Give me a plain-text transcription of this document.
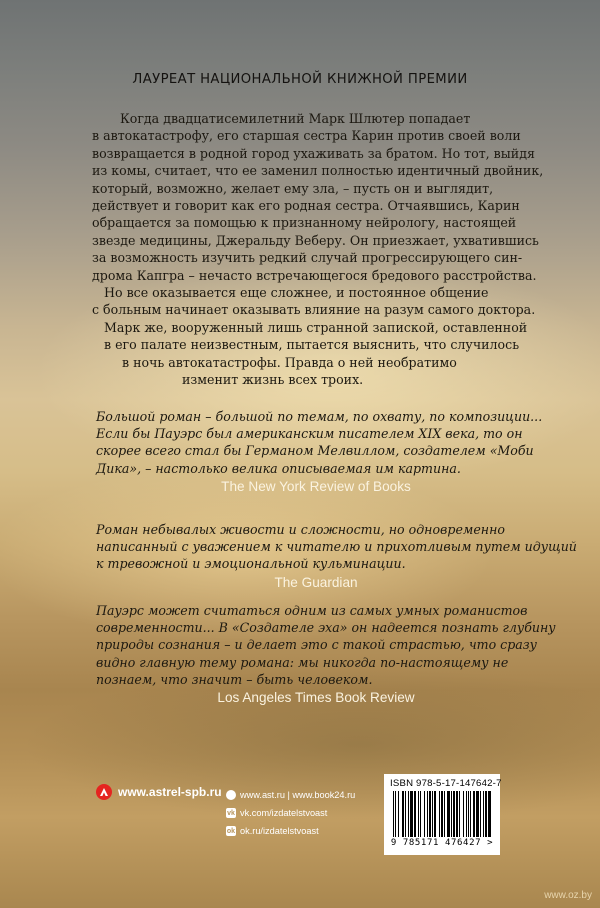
ЛАУРЕАТ НАЦИОНАЛЬНОЙ КНИЖНОЙ ПРЕМИИ
Когда двадцатисемилетний Марк Шлютер попадает
в автокатастрофу, его старшая сестра Карин против своей воли
возвращается в родной город ухаживать за братом. Но тот, выйдя
из комы, считает, что ее заменил полностью идентичный двойник,
который, возможно, желает ему зла, – пусть он и выглядит,
действует и говорит как его родная сестра. Отчаявшись, Карин
обращается за помощью к признанному нейрологу, настоящей
звезде медицины, Джеральду Веберу. Он приезжает, ухватившись
за возможность изучить редкий случай прогрессирующего син-
дрома Капгра – нечасто встречающегося бредового расстройства.
Но все оказывается еще сложнее, и постоянное общение
с больным начинает оказывать влияние на разум самого доктора.
Марк же, вооруженный лишь странной запиской, оставленной
в его палате неизвестным, пытается выяснить, что случилось
в ночь автокатастрофы. Правда о ней необратимо
изменит жизнь всех троих.
Большой роман – большой по темам, по охвату, по композиции...
Если бы Пауэрс был американским писателем XIX века, то он
скорее всего стал бы Германом Мелвиллом, создателем «Моби
Дика», – настолько велика описываемая им картина.
The New York Review of Books
Роман небывалых живости и сложности, но одновременно
написанный с уважением к читателю и прихотливым путем идущий
к тревожной и эмоциональной кульминации.
The Guardian
Пауэрс может считаться одним из самых умных романистов
современности... В «Создателе эха» он надеется познать глубину
природы сознания – и делает это с такой страстью, что сразу
видно главную тему романа: мы никогда по-настоящему не
познаем, что значит – быть человеком.
Los Angeles Times Book Review
www.astrel-spb.ru www.ast.ru | www.book24.ru
vk vk.com/izdatelstvoast
ok ok.ru/izdatelstvoast
ISBN 978-5-17-147642-7
9 785171 476427 >
www.oz.by
